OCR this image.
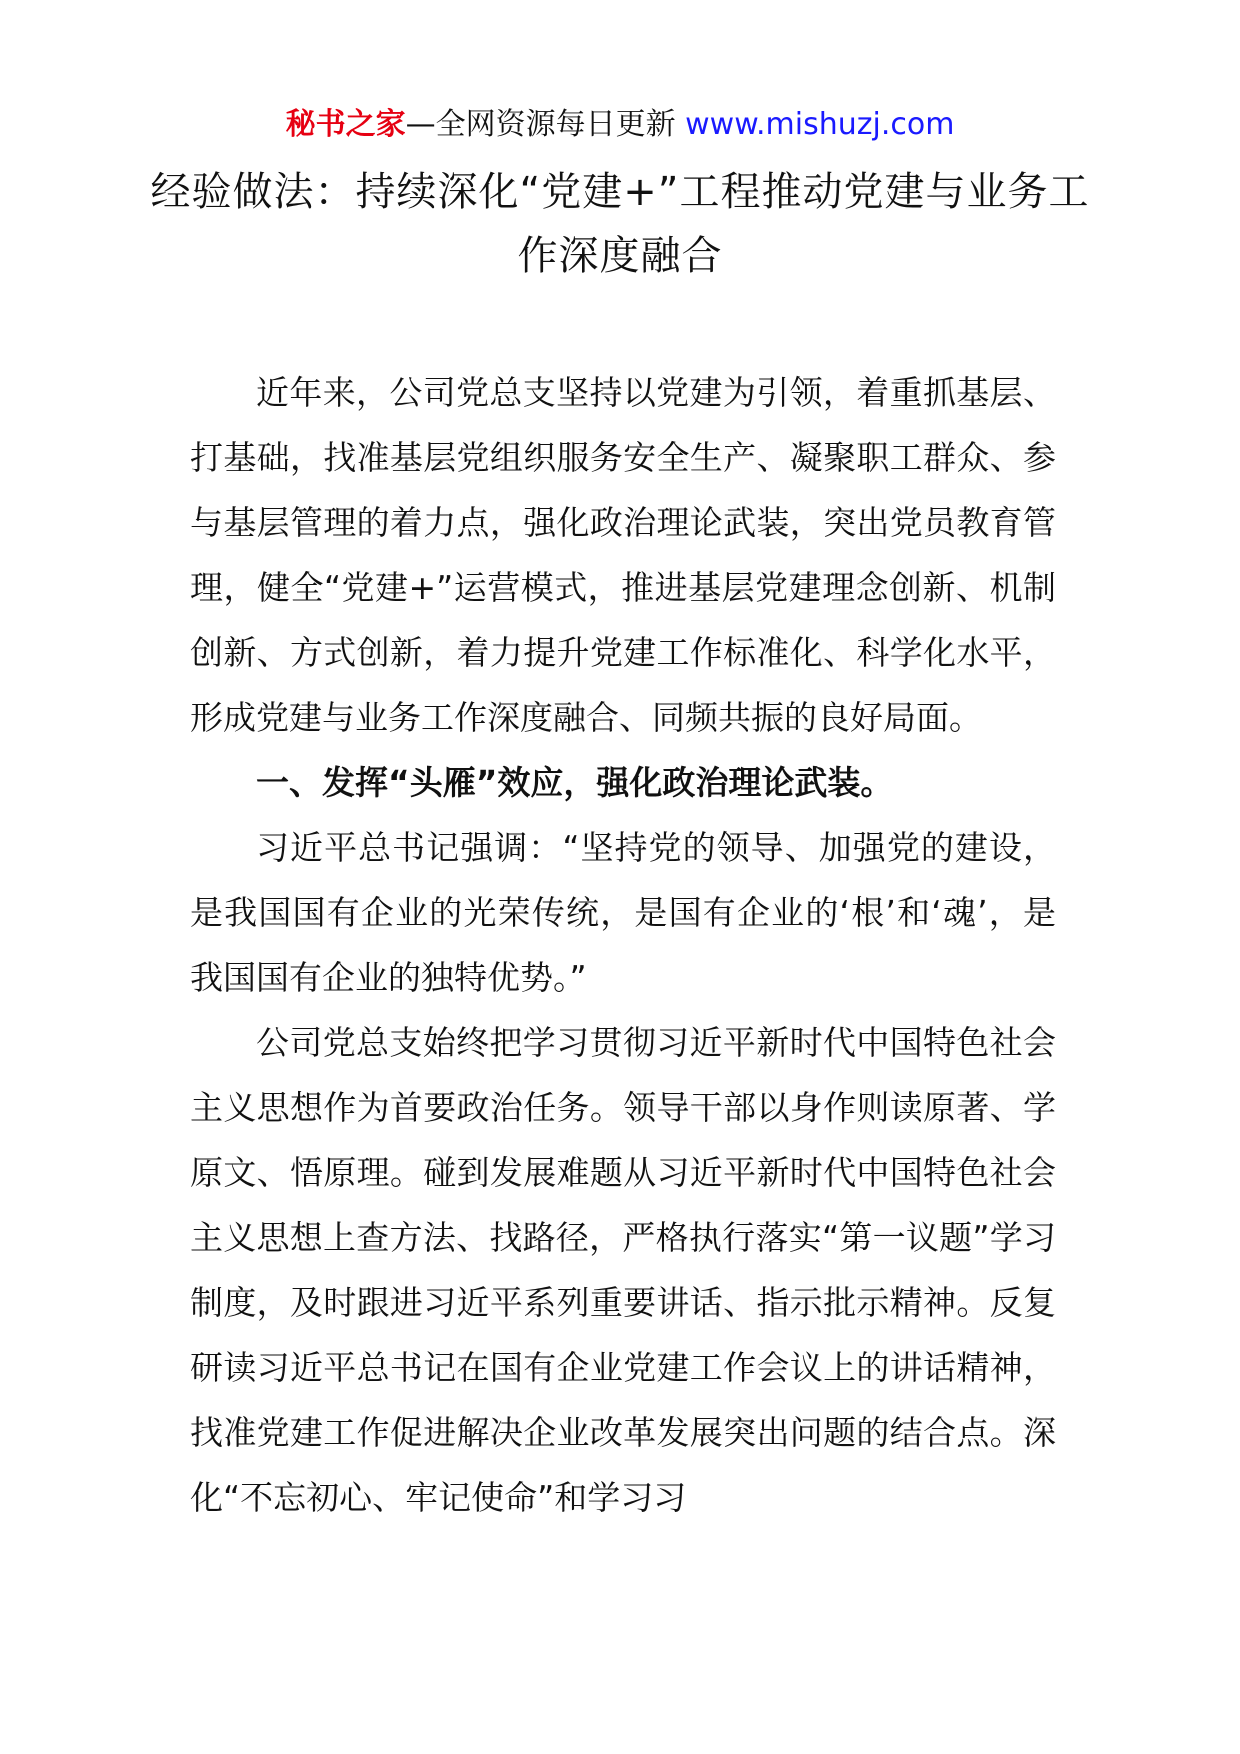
秘书之家—全网资源每日更新 www.mishuzj.com
经验做法：持续深化“党建+”工程推动党建与业务工作深度融合

近年来，公司党总支坚持以党建为引领，着重抓基层、打基础，找准基层党组织服务安全生产、凝聚职工群众、参与基层管理的着力点，强化政治理论武装，突出党员教育管理，健全“党建+”运营模式，推进基层党建理念创新、机制创新、方式创新，着力提升党建工作标准化、科学化水平，形成党建与业务工作深度融合、同频共振的良好局面。

一、发挥“头雁”效应，强化政治理论武装。

习近平总书记强调：“坚持党的领导、加强党的建设，是我国国有企业的光荣传统，是国有企业的‘根’和‘魂’，是我国国有企业的独特优势。”

公司党总支始终把学习贯彻习近平新时代中国特色社会主义思想作为首要政治任务。领导干部以身作则读原著、学原文、悟原理。碰到发展难题从习近平新时代中国特色社会主义思想上查方法、找路径，严格执行落实“第一议题”学习制度，及时跟进习近平系列重要讲话、指示批示精神。反复研读习近平总书记在国有企业党建工作会议上的讲话精神，找准党建工作促进解决企业改革发展突出问题的结合点。深化“不忘初心、牢记使命”和学习习
